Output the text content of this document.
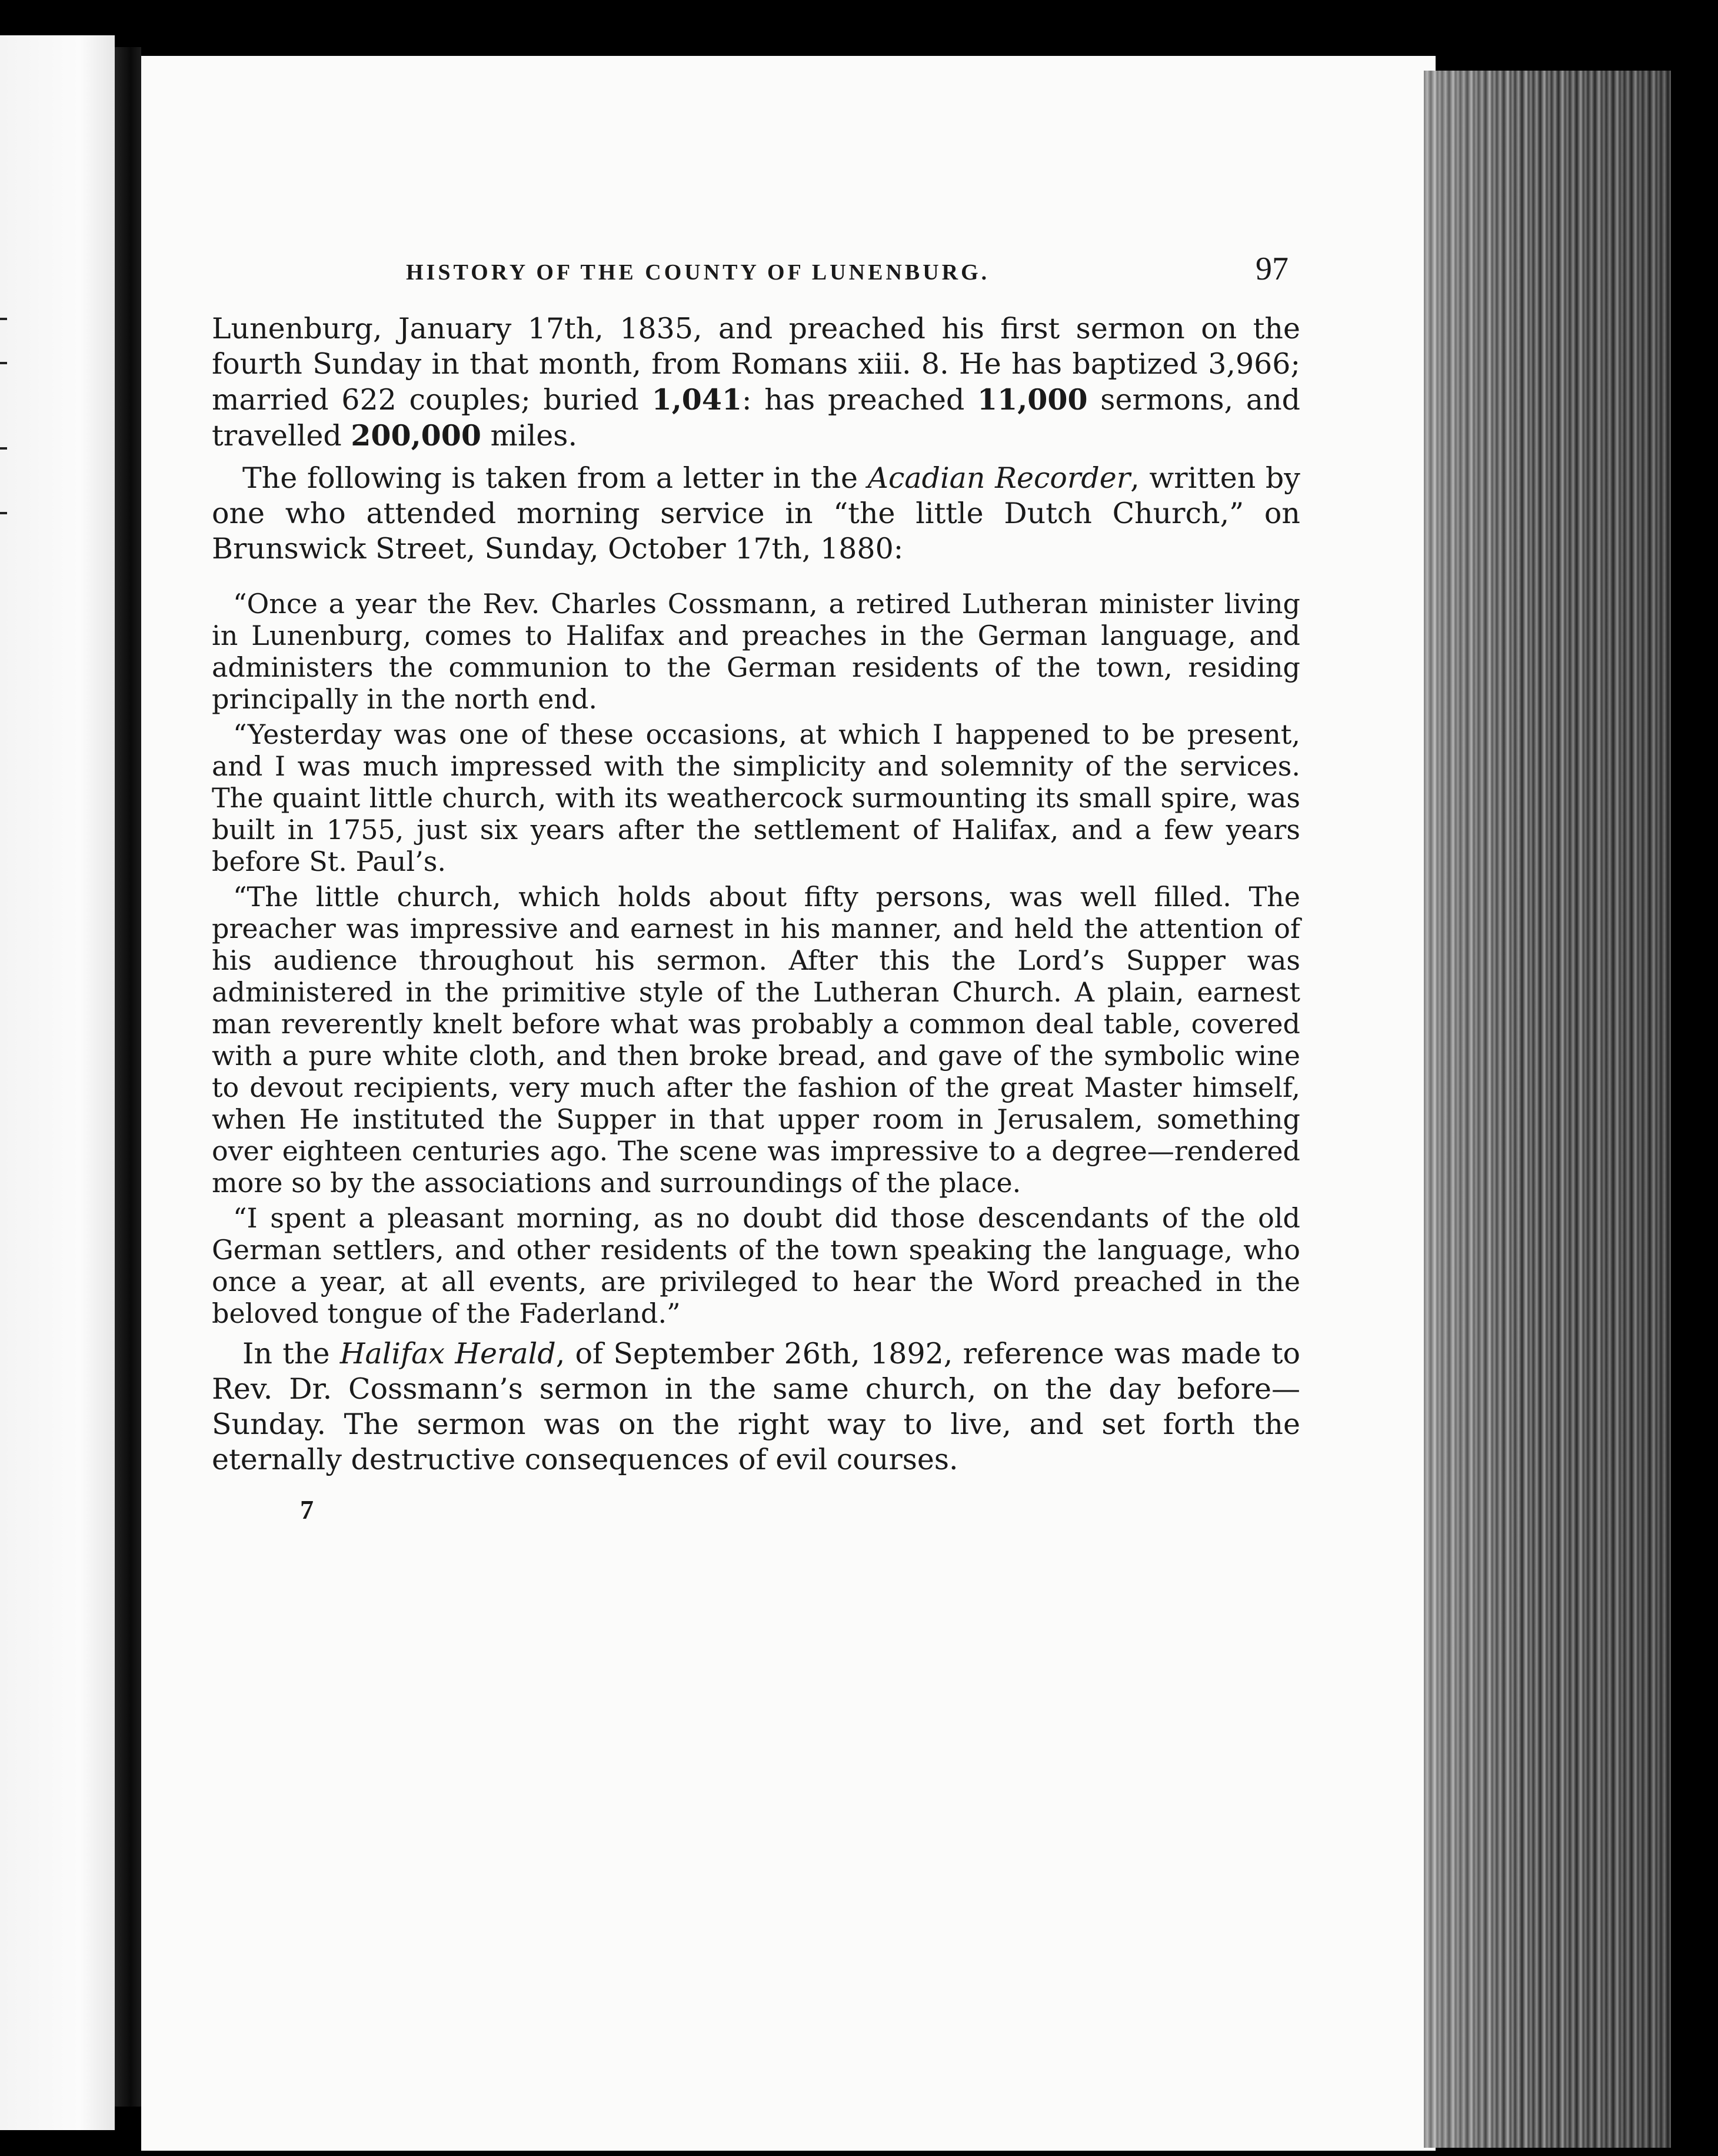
HISTORY OF THE COUNTY OF LUNENBURG.	97

Lunenburg, January 17th, 1835, and preached his first sermon on the fourth Sunday in that month, from Romans xiii. 8. He has baptized 3,966; married 622 couples; buried 1,041: has preached 11,000 sermons, and travelled 200,000 miles.

The following is taken from a letter in the Acadian Recorder, written by one who attended morning service in “the little Dutch Church,” on Brunswick Street, Sunday, October 17th, 1880:

“Once a year the Rev. Charles Cossmann, a retired Lutheran minister living in Lunenburg, comes to Halifax and preaches in the German language, and administers the communion to the German residents of the town, residing principally in the north end.

“Yesterday was one of these occasions, at which I happened to be present, and I was much impressed with the simplicity and solemnity of the services. The quaint little church, with its weathercock surmounting its small spire, was built in 1755, just six years after the settlement of Halifax, and a few years before St. Paul’s.

“The little church, which holds about fifty persons, was well filled. The preacher was impressive and earnest in his manner, and held the attention of his audience throughout his sermon. After this the Lord’s Supper was administered in the primitive style of the Lutheran Church. A plain, earnest man reverently knelt before what was probably a common deal table, covered with a pure white cloth, and then broke bread, and gave of the symbolic wine to devout recipients, very much after the fashion of the great Master himself, when He instituted the Supper in that upper room in Jerusalem, something over eighteen centuries ago. The scene was impressive to a degree—rendered more so by the associations and surroundings of the place.

“I spent a pleasant morning, as no doubt did those descendants of the old German settlers, and other residents of the town speaking the language, who once a year, at all events, are privileged to hear the Word preached in the beloved tongue of the Faderland.”

In the Halifax Herald, of September 26th, 1892, reference was made to Rev. Dr. Cossmann’s sermon in the same church, on the day before—Sunday. The sermon was on the right way to live, and set forth the eternally destructive consequences of evil courses.

7
